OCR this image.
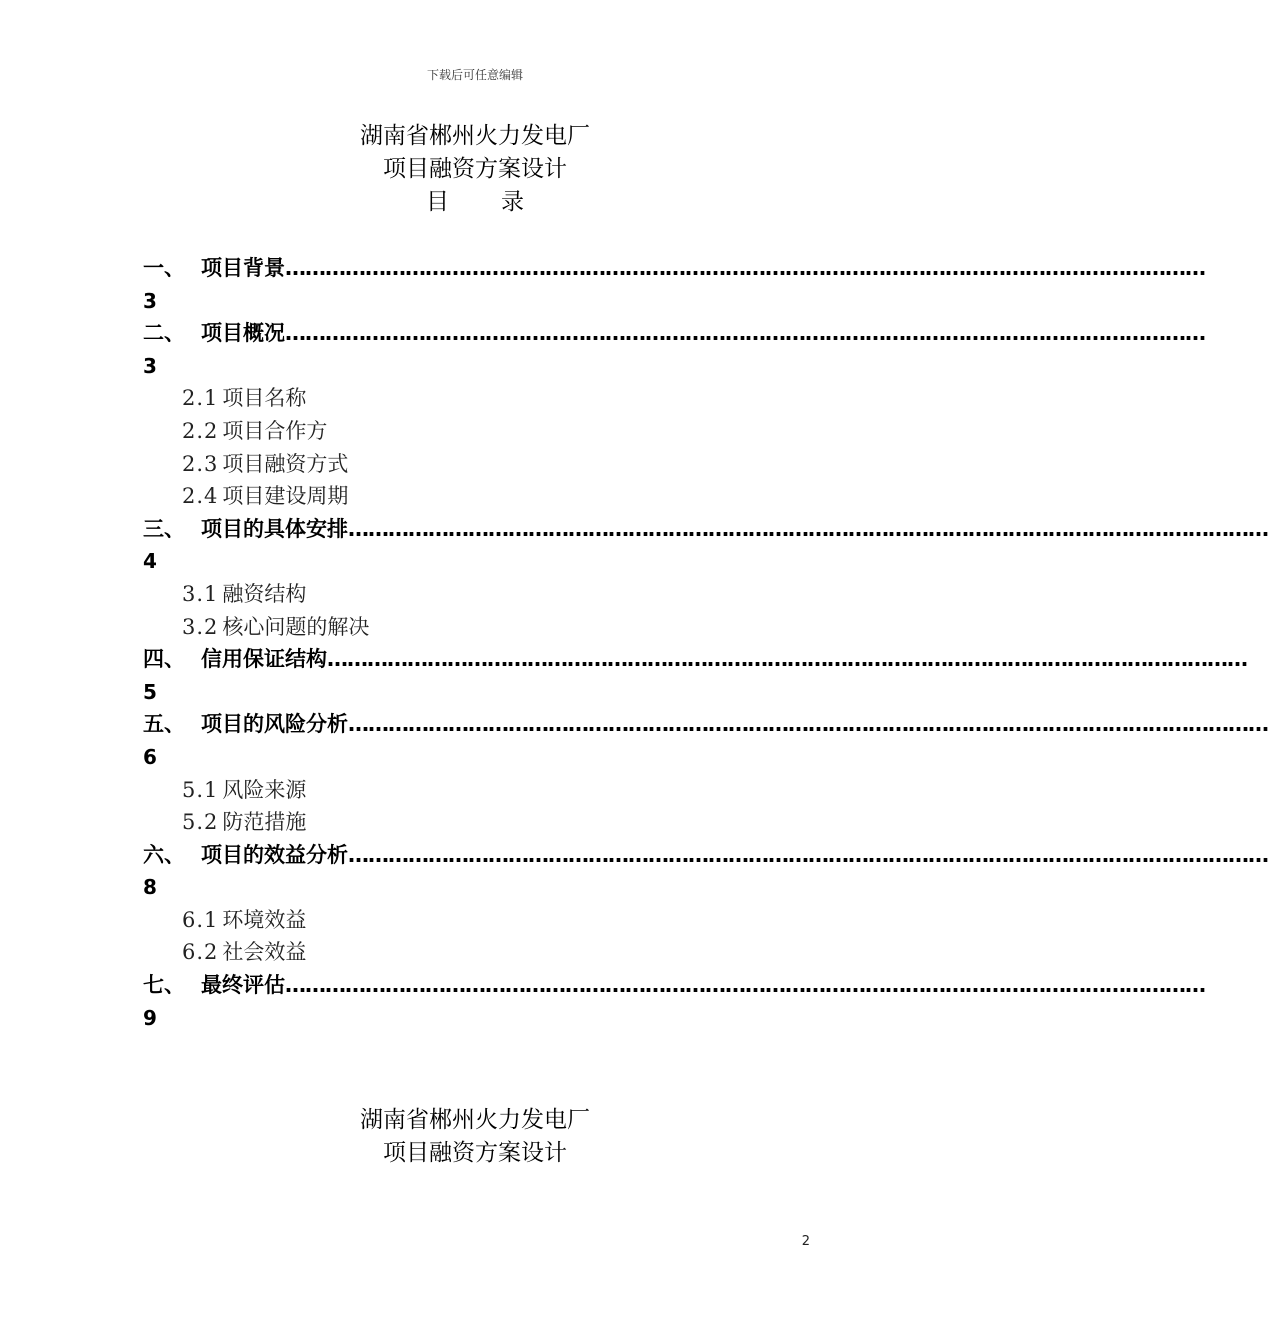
下载后可任意编辑
湖南省郴州火力发电厂
项目融资方案设计
目 录
一、 项目背景 …………………………………………………………………………………………………………………………
3
二、 项目概况 …………………………………………………………………………………………………………………………
3
2.1 项目名称
2.2 项目合作方
2.3 项目融资方式
2.4 项目建设周期
三、 项目的具体安排 …………………………………………………………………………………………………………………………
4
3.1 融资结构
3.2 核心问题的解决
四、 信用保证结构 …………………………………………………………………………………………………………………………
5
五、 项目的风险分析 …………………………………………………………………………………………………………………………
6
5.1 风险来源
5.2 防范措施
六、 项目的效益分析 …………………………………………………………………………………………………………………………
8
6.1 环境效益
6.2 社会效益
七、 最终评估 …………………………………………………………………………………………………………………………
9
湖南省郴州火力发电厂
项目融资方案设计
2
